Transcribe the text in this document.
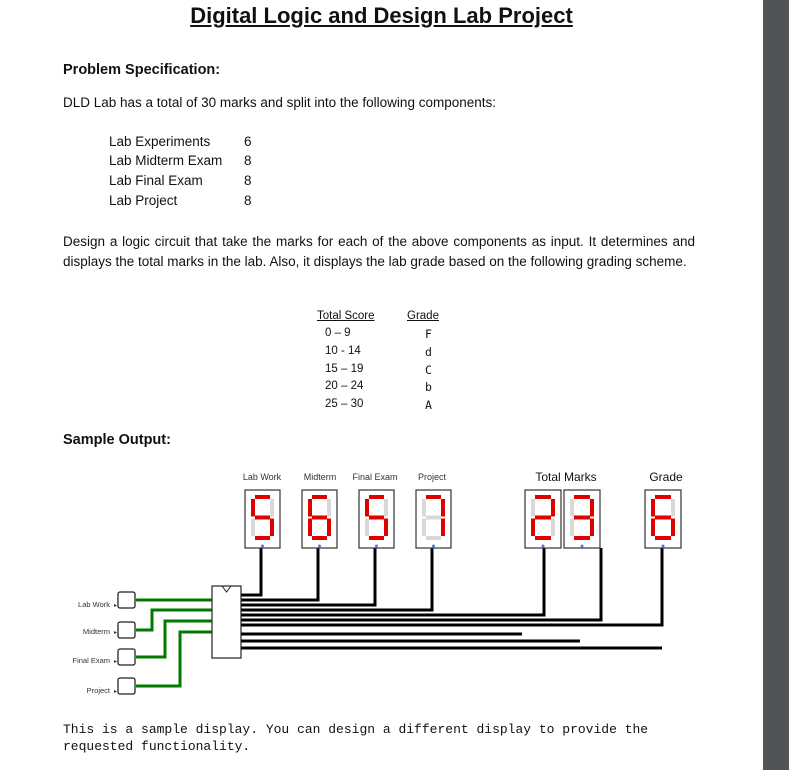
Digital Logic and Design Lab Project
Problem Specification:
DLD Lab has a total of 30 marks and split into the following components:
Lab Experiments 6
Lab Midterm Exam 8
Lab Final Exam	8
Lab Project	8
Design a logic circuit that take the marks for each of the above components as input. It determines and displays the total marks in the lab. Also, it displays the lab grade based on the following grading scheme.
Total Score	Grade
0 – 9	F
10 - 14	d
15 – 19	C
20 – 24	b
25 – 30	A
Sample Output:
Lab Work	Midterm Final Exam Project	Total Marks	Grade
Lab Work
Midterm
Final Exam
Project
▸
▸
▸
▸
This is a sample display. You can design a different display to provide the requested functionality.
